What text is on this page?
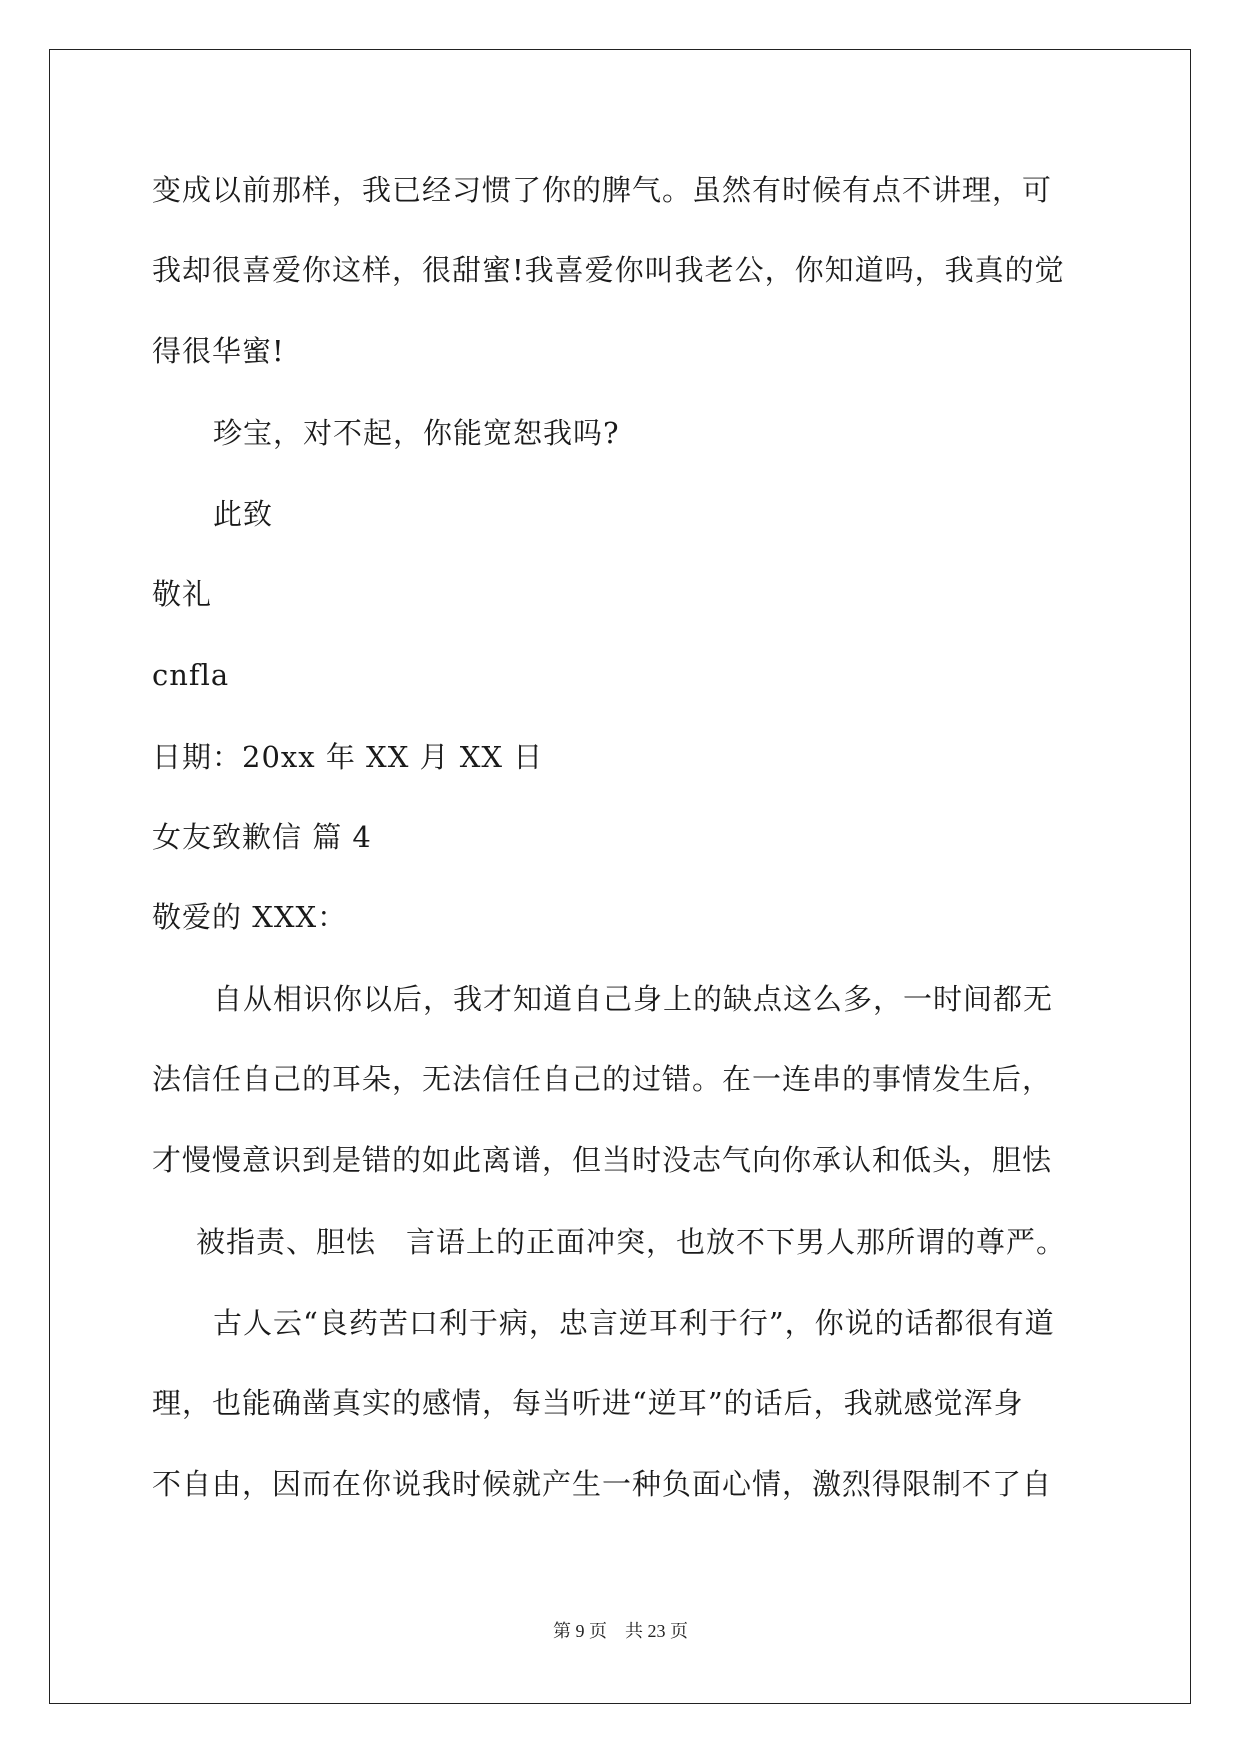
变成以前那样，我已经习惯了你的脾气。虽然有时候有点不讲理，可
我却很喜爱你这样，很甜蜜!我喜爱你叫我老公，你知道吗，我真的觉
得很华蜜!
珍宝，对不起，你能宽恕我吗?
此致
敬礼
cnfla
日期：20xx 年 XX 月 XX 日
女友致歉信 篇 4
敬爱的 XXX：
自从相识你以后，我才知道自己身上的缺点这么多，一时间都无
法信任自己的耳朵，无法信任自己的过错。在一连串的事情发生后，
才慢慢意识到是错的如此离谱，但当时没志气向你承认和低头，胆怯
被指责、胆怯　言语上的正面冲突，也放不下男人那所谓的尊严。
古人云“良药苦口利于病，忠言逆耳利于行”，你说的话都很有道
理，也能确凿真实的感情，每当听进“逆耳”的话后，我就感觉浑身
不自由，因而在你说我时候就产生一种负面心情，激烈得限制不了自
第 9 页　共 23 页
